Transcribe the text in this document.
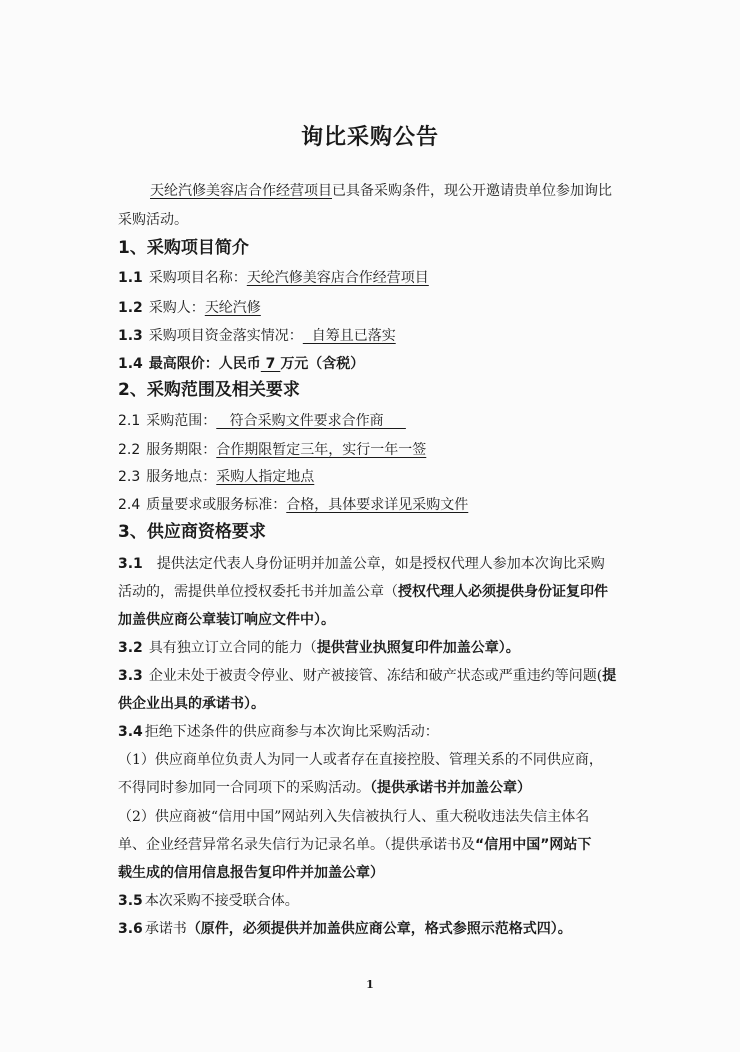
询比采购公告
天纶汽修美容店合作经营项目已具备采购条件，现公开邀请贵单位参加询比
采购活动。
1、采购项目简介
1.1 采购项目名称：天纶汽修美容店合作经营项目
1.2 采购人：天纶汽修
1.3 采购项目资金落实情况：  自筹且已落实
1.4 最高限价：人民币 7 万元（含税）
2、采购范围及相关要求
2.1 采购范围：   符合采购文件要求合作商
2.2 服务期限：合作期限暂定三年，实行一年一签
2.3 服务地点：采购人指定地点
2.4 质量要求或服务标准：合格，具体要求详见采购文件
3、供应商资格要求
3.1 提供法定代表人身份证明并加盖公章，如是授权代理人参加本次询比采购
活动的，需提供单位授权委托书并加盖公章（授权代理人必须提供身份证复印件
加盖供应商公章装订响应文件中）。
3.2 具有独立订立合同的能力（提供营业执照复印件加盖公章）。
3.3 企业未处于被责令停业、财产被接管、冻结和破产状态或严重违约等问题(提
供企业出具的承诺书）。
3.4 拒绝下述条件的供应商参与本次询比采购活动：
（1）供应商单位负责人为同一人或者存在直接控股、管理关系的不同供应商，
不得同时参加同一合同项下的采购活动。（提供承诺书并加盖公章）
（2）供应商被“信用中国”网站列入失信被执行人、重大税收违法失信主体名
单、企业经营异常名录失信行为记录名单。（提供承诺书及“信用中国”网站下
载生成的信用信息报告复印件并加盖公章）
3.5 本次采购不接受联合体。
3.6 承诺书（原件，必须提供并加盖供应商公章，格式参照示范格式四）。
1
